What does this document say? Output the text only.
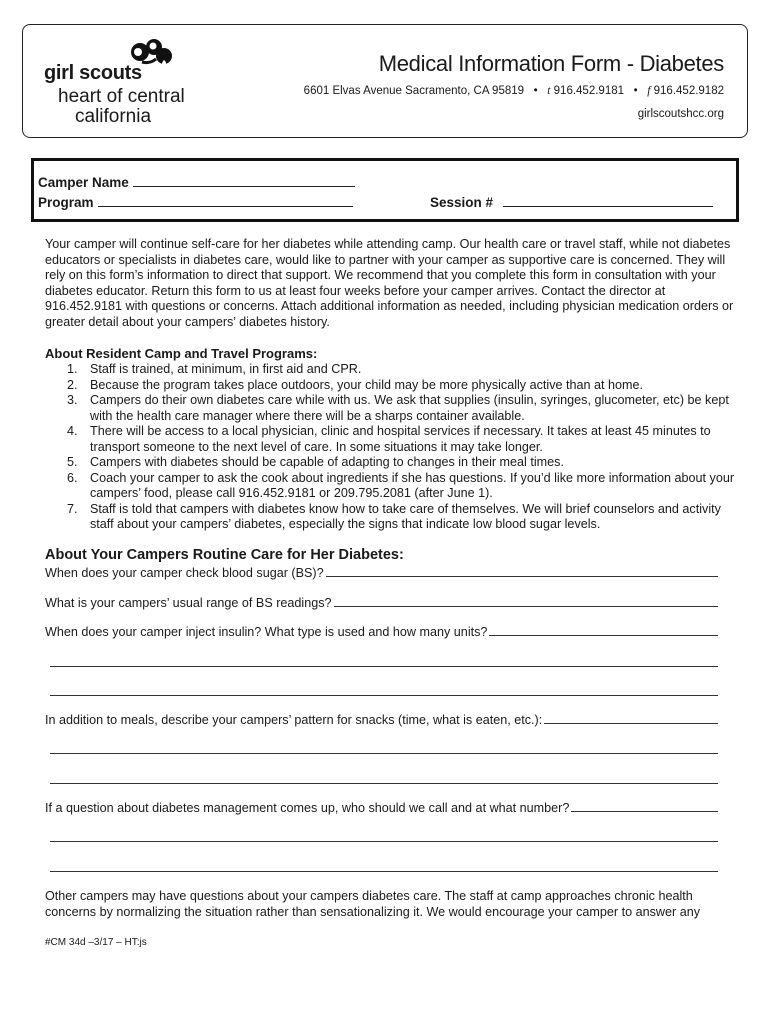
girl scouts
heart of central
california
Medical Information Form - Diabetes
6601 Elvas Avenue Sacramento, CA 95819 • t 916.452.9181 • f 916.452.9182
girlscoutshcc.org
Camper Name
Program	Session #
Your camper will continue self-care for her diabetes while attending camp. Our health care or travel staff, while not diabetes educators or specialists in diabetes care, would like to partner with your camper as supportive care is concerned. They will rely on this form’s information to direct that support. We recommend that you complete this form in consultation with your diabetes educator. Return this form to us at least four weeks before your camper arrives. Contact the director at 916.452.9181 with questions or concerns. Attach additional information as needed, including physician medication orders or greater detail about your campers’ diabetes history.
About Resident Camp and Travel Programs:
1. Staff is trained, at minimum, in first aid and CPR.
2. Because the program takes place outdoors, your child may be more physically active than at home.
3. Campers do their own diabetes care while with us. We ask that supplies (insulin, syringes, glucometer, etc) be kept with the health care manager where there will be a sharps container available.
4. There will be access to a local physician, clinic and hospital services if necessary. It takes at least 45 minutes to transport someone to the next level of care. In some situations it may take longer.
5. Campers with diabetes should be capable of adapting to changes in their meal times.
6. Coach your camper to ask the cook about ingredients if she has questions. If you’d like more information about your campers’ food, please call 916.452.9181 or 209.795.2081 (after June 1).
7. Staff is told that campers with diabetes know how to take care of themselves. We will brief counselors and activity staff about your campers’ diabetes, especially the signs that indicate low blood sugar levels.
About Your Campers Routine Care for Her Diabetes:
When does your camper check blood sugar (BS)?
What is your campers’ usual range of BS readings?
When does your camper inject insulin? What type is used and how many units?
In addition to meals, describe your campers’ pattern for snacks (time, what is eaten, etc.):
If a question about diabetes management comes up, who should we call and at what number?
Other campers may have questions about your campers diabetes care. The staff at camp approaches chronic health concerns by normalizing the situation rather than sensationalizing it. We would encourage your camper to answer any
#CM 34d –3/17 – HT:js
